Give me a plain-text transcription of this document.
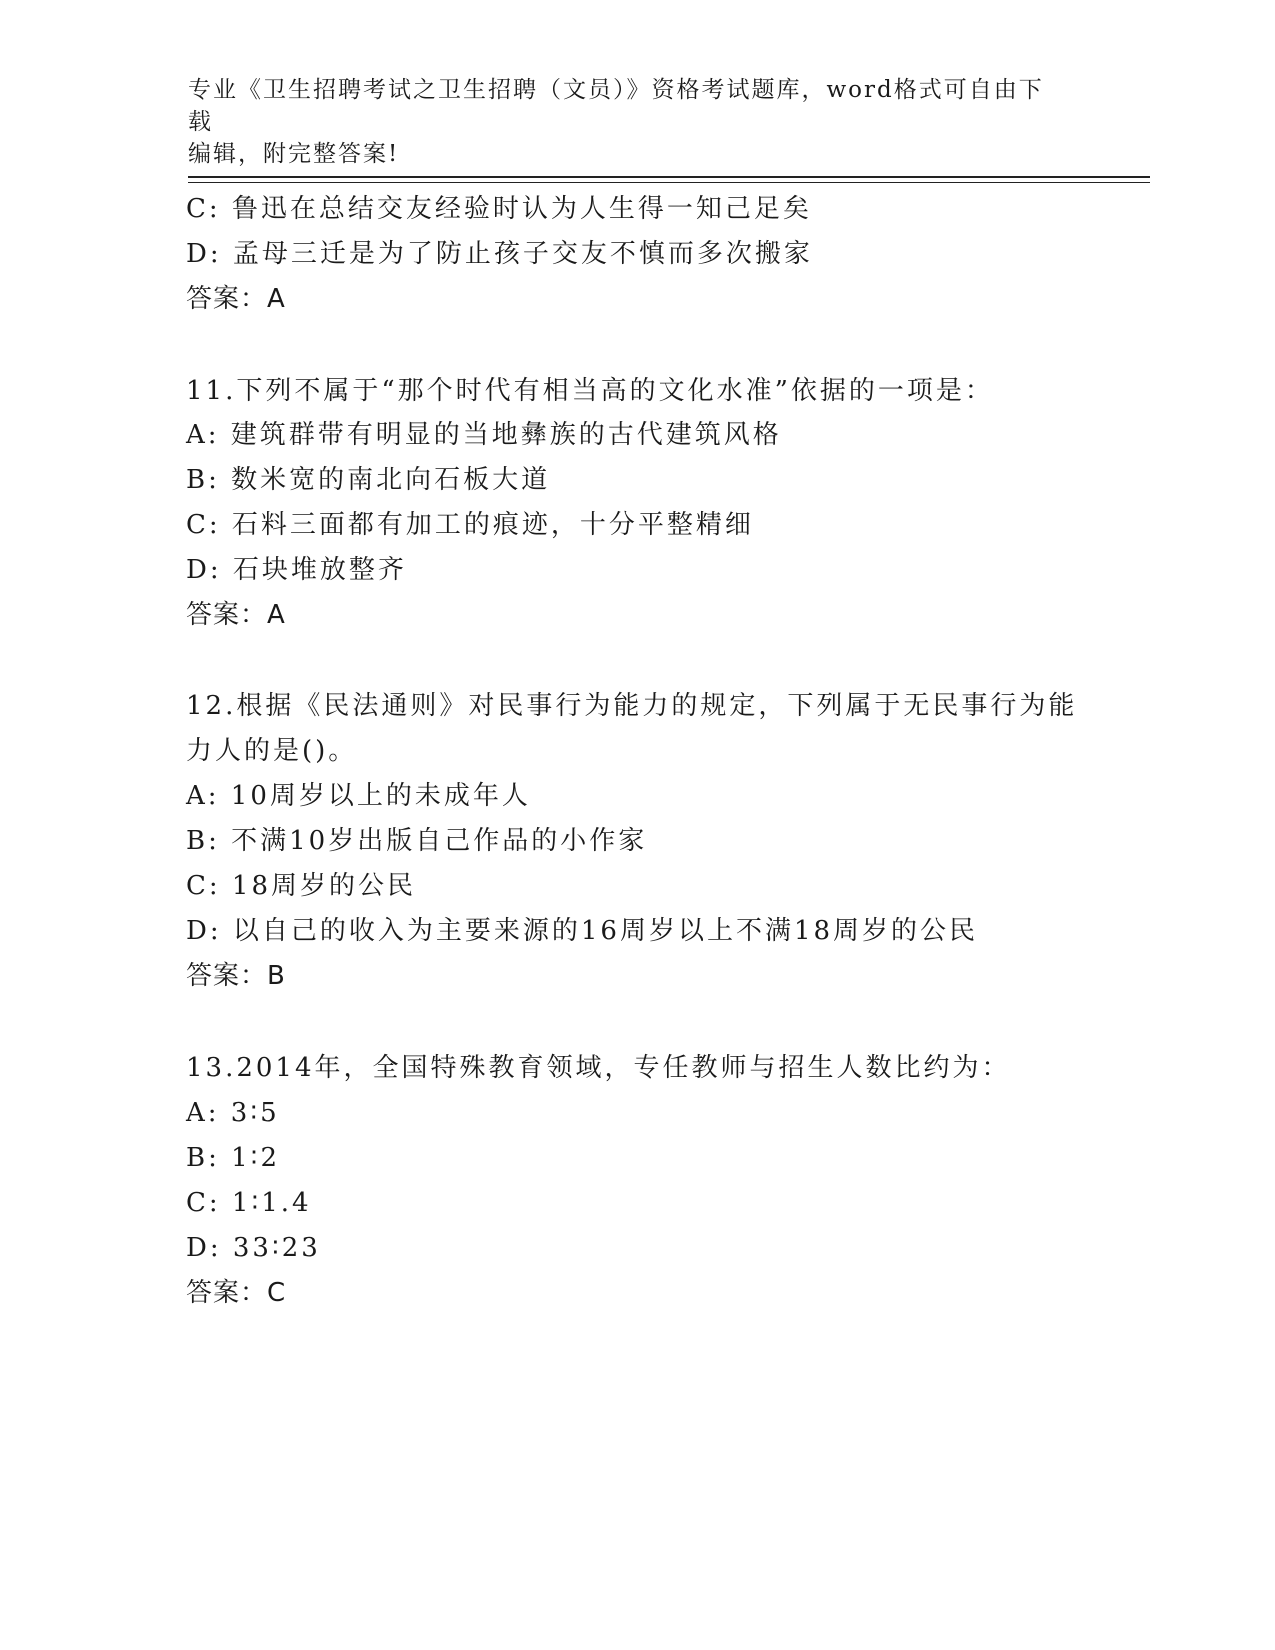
专业《卫生招聘考试之卫生招聘（文员）》资格考试题库，word格式可自由下载
编辑，附完整答案!
C: 鲁迅在总结交友经验时认为人生得一知己足矣
D: 孟母三迁是为了防止孩子交友不慎而多次搬家
答案：A
11.下列不属于“那个时代有相当高的文化水准”依据的一项是：
A: 建筑群带有明显的当地彝族的古代建筑风格
B: 数米宽的南北向石板大道
C: 石料三面都有加工的痕迹，十分平整精细
D: 石块堆放整齐
答案：A
12.根据《民法通则》对民事行为能力的规定，下列属于无民事行为能
力人的是()。
A: 10周岁以上的未成年人
B: 不满10岁出版自己作品的小作家
C: 18周岁的公民
D: 以自己的收入为主要来源的16周岁以上不满18周岁的公民
答案：B
13.2014年，全国特殊教育领域，专任教师与招生人数比约为：
A: 3∶5
B: 1∶2
C: 1∶1.4
D: 33∶23
答案：C
